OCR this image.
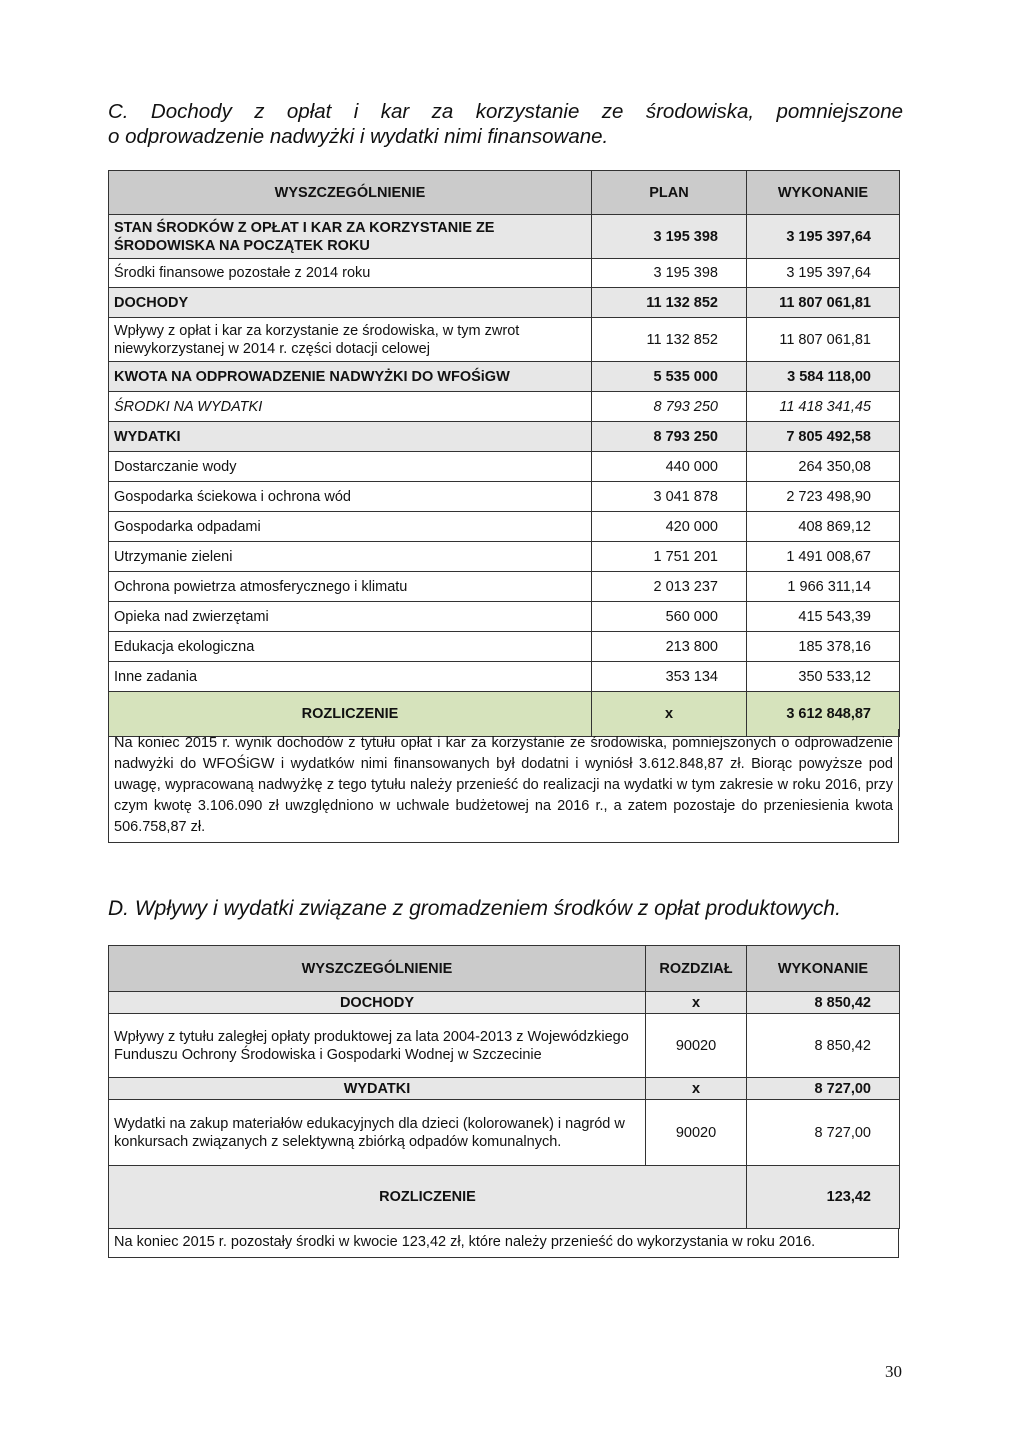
C. Dochody z opłat i kar za korzystanie ze środowiska, pomniejszone
o odprowadzenie nadwyżki i wydatki nimi finansowane.
WYSZCZEGÓLNIENIE	PLAN	WYKONANIE
STAN ŚRODKÓW Z OPŁAT I KAR ZA KORZYSTANIE ZE ŚRODOWISKA NA POCZĄTEK ROKU	3 195 398	3 195 397,64
Środki finansowe pozostałe z 2014 roku	3 195 398	3 195 397,64
DOCHODY	11 132 852	11 807 061,81
Wpływy z opłat i kar za korzystanie ze środowiska, w tym zwrot niewykorzystanej w 2014 r. części dotacji celowej	11 132 852	11 807 061,81
KWOTA NA ODPROWADZENIE NADWYŻKI DO WFOŚiGW	5 535 000	3 584 118,00
ŚRODKI NA WYDATKI	8 793 250	11 418 341,45
WYDATKI	8 793 250	7 805 492,58
Dostarczanie wody	440 000	264 350,08
Gospodarka ściekowa i ochrona wód	3 041 878	2 723 498,90
Gospodarka odpadami	420 000	408 869,12
Utrzymanie zieleni	1 751 201	1 491 008,67
Ochrona powietrza atmosferycznego i klimatu	2 013 237	1 966 311,14
Opieka nad zwierzętami	560 000	415 543,39
Edukacja ekologiczna	213 800	185 378,16
Inne zadania	353 134	350 533,12
ROZLICZENIE	x	3 612 848,87
Na koniec 2015 r. wynik dochodów z tytułu opłat i kar za korzystanie ze środowiska, pomniejszonych o odprowadzenie nadwyżki do WFOŚiGW i wydatków nimi finansowanych był dodatni i wyniósł 3.612.848,87 zł. Biorąc powyższe pod uwagę, wypracowaną nadwyżkę z tego tytułu należy przenieść do realizacji na wydatki w tym zakresie w roku 2016, przy czym kwotę 3.106.090 zł uwzględniono w uchwale budżetowej na 2016 r., a zatem pozostaje do przeniesienia kwota 506.758,87 zł.
D. Wpływy i wydatki związane z gromadzeniem środków z opłat produktowych.
WYSZCZEGÓLNIENIE	ROZDZIAŁ	WYKONANIE
DOCHODY	x	8 850,42
Wpływy z tytułu zaległej opłaty produktowej za lata 2004-2013 z Wojewódzkiego Funduszu Ochrony Środowiska i Gospodarki Wodnej w Szczecinie	90020	8 850,42
WYDATKI	x	8 727,00
Wydatki na zakup materiałów edukacyjnych dla dzieci (kolorowanek) i nagród w konkursach związanych z selektywną zbiórką odpadów komunalnych.	90020	8 727,00
ROZLICZENIE		123,42
Na koniec 2015 r. pozostały środki w kwocie 123,42 zł, które należy przenieść do wykorzystania w roku 2016.
30
